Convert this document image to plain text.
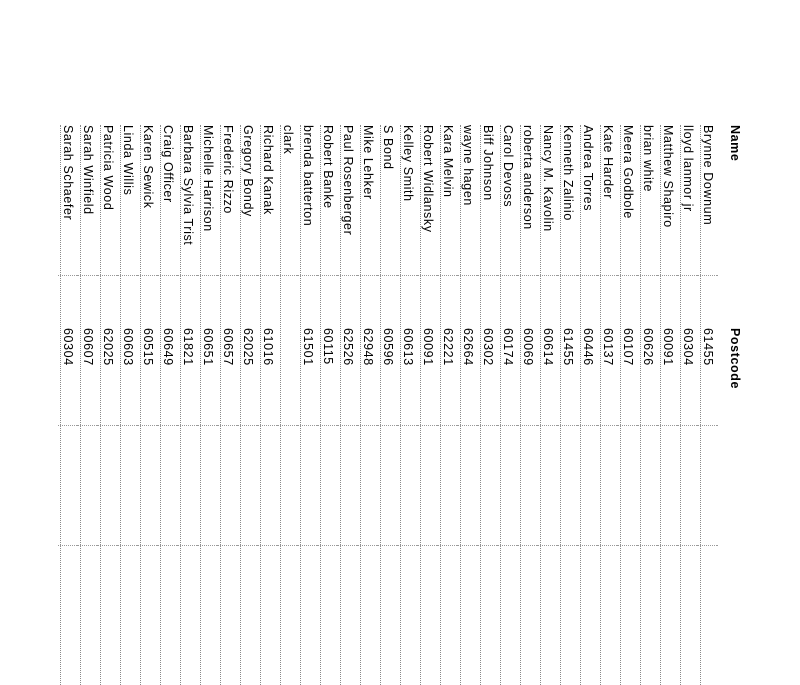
Name
Postcode
Brynne Downum
61455
lloyd lanmor jr
60304
Matthew Shapiro
60091
brian white
60626
Meera Godbole
60107
Kate Harder
60137
Andrea Torres
60446
Kenneth Zalinio
61455
Nancy M. Kavolin
60614
roberta anderson
60069
Carol Devoss
60174
Biff Johnson
60302
wayne hagen
62664
Kara Melvin
62221
Robert Widlansky
60091
Kelley Smith
60613
S Bond
60596
Mike Lehker
62948
Paul Rosenberger
62526
Robert Banke
60115
brenda batterton
61501
clark
Richard Kanak
61016
Gregory Bondy
62025
Frederic Rizzo
60657
Michelle Harrison
60651
Barbara Sylvia Trist
61821
Craig Officer
60649
Karen Sewick
60515
Linda Willis
60603
Patricia Wood
62025
Sarah Winfield
60607
Sarah Schaefer
60304
